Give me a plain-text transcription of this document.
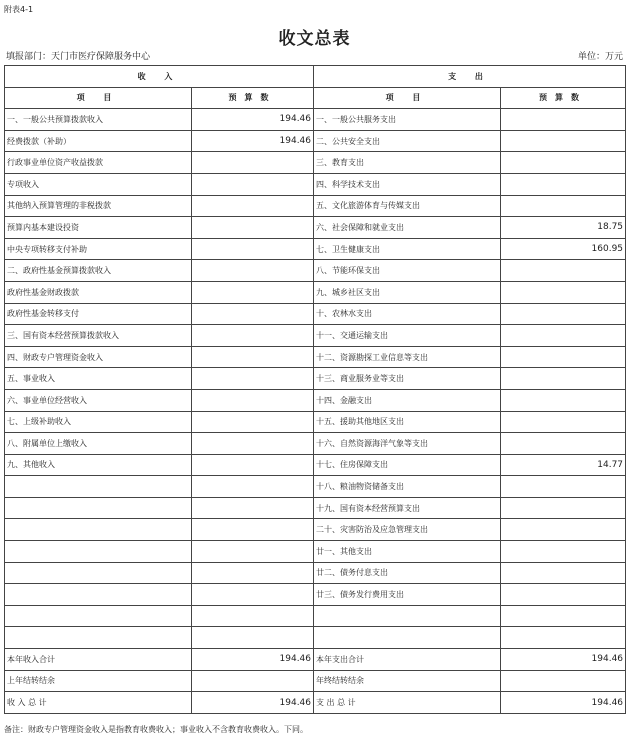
附表4-1
收文总表
填报部门：天门市医疗保障服务中心	单位：万元
收 入		支 出	
项 目	预算数	项 目	预算数
一、一般公共预算拨款收入	194.46	一、一般公共服务支出	
经费拨款（补助）	194.46	二、公共安全支出	
行政事业单位资产收益拨款		三、教育支出	
专项收入		四、科学技术支出	
其他纳入预算管理的非税拨款		五、文化旅游体育与传媒支出	
预算内基本建设投资		六、社会保障和就业支出	18.75
中央专项转移支付补助		七、卫生健康支出	160.95
二、政府性基金预算拨款收入		八、节能环保支出	
政府性基金财政拨款		九、城乡社区支出	
政府性基金转移支付		十、农林水支出	
三、国有资本经营预算拨款收入		十一、交通运输支出	
四、财政专户管理资金收入		十二、资源勘探工业信息等支出	
五、事业收入		十三、商业服务业等支出	
六、事业单位经营收入		十四、金融支出	
七、上级补助收入		十五、援助其他地区支出	
八、附属单位上缴收入		十六、自然资源海洋气象等支出	
九、其他收入		十七、住房保障支出	14.77
		十八、粮油物资储备支出	
		十九、国有资本经营预算支出	
		二十、灾害防治及应急管理支出	
		廿一、其他支出	
		廿二、债务付息支出	
		廿三、债务发行费用支出	

本年收入合计	194.46	本年支出合计	194.46
上年结转结余		年终结转结余	
收 入 总 计	194.46	支 出 总 计	194.46
备注：财政专户管理资金收入是指教育收费收入；事业收入不含教育收费收入。下同。
